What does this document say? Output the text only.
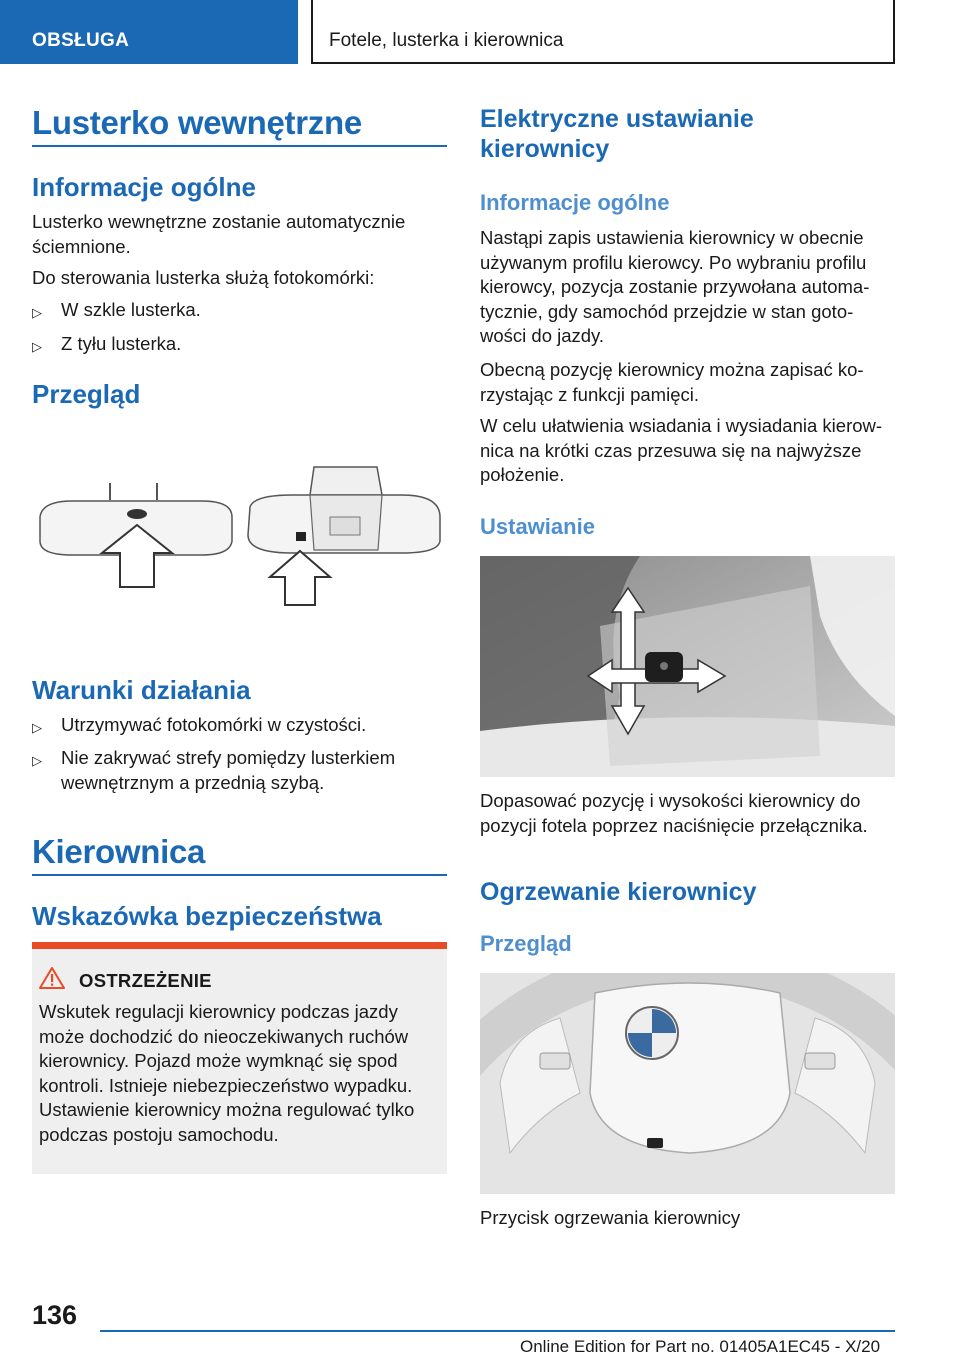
OBSŁUGA	Fotele, lusterka i kierownica
Lusterko wewnętrzne
Informacje ogólne

Lusterko wewnętrzne zostanie automatycznie ściemnione.

Do sterowania lusterka służą fotokomórki:

▷ W szkle lusterka.
▷ Z tyłu lusterka.
Przegląd
Warunki działania
▷ Utrzymywać fotokomórki w czystości.
▷ Nie zakrywać strefy pomiędzy lusterkiem wewnętrznym a przednią szybą.
Kierownica
Wskazówka bezpieczeństwa
OSTRZEŻENIE
Wskutek regulacji kierownicy podczas jazdy może dochodzić do nieoczekiwanych ruchów kierownicy. Pojazd może wymknąć się spod kontroli. Istnieje niebezpieczeństwo wypadku. Ustawienie kierownicy można regulować tylko podczas postoju samochodu.
Elektryczne ustawianie kierownicy
Informacje ogólne

Nastąpi zapis ustawienia kierownicy w obecnie używanym profilu kierowcy. Po wybraniu profilu kierowcy, pozycja zostanie przywołana automa-tycznie, gdy samochód przejdzie w stan goto-wości do jazdy.

Obecną pozycję kierownicy można zapisać ko-rzystając z funkcji pamięci.

W celu ułatwienia wsiadania i wysiadania kierow-nica na krótki czas przesuwa się na najwyższe położenie.

Ustawianie

Dopasować pozycję i wysokości kierownicy do pozycji fotela poprzez naciśnięcie przełącznika.

Ogrzewanie kierownicy
Przegląd

Przycisk ogrzewania kierownicy

136
Online Edition for Part no. 01405A1EC45 - X/20
